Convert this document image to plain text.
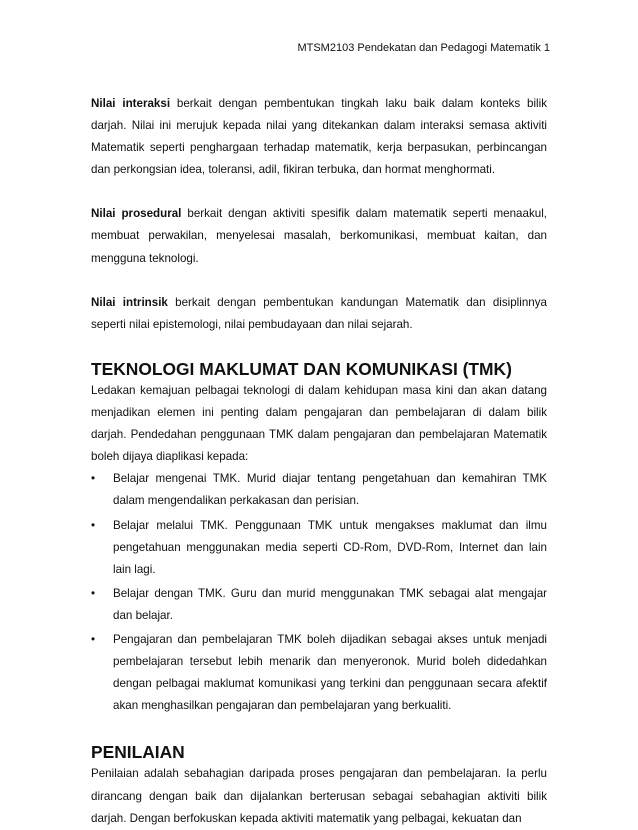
MTSM2103 Pendekatan dan Pedagogi Matematik 1

Nilai interaksi berkait dengan pembentukan tingkah laku baik dalam konteks bilik darjah. Nilai ini merujuk kepada nilai yang ditekankan dalam interaksi semasa aktiviti Matematik seperti penghargaan terhadap matematik, kerja berpasukan, perbincangan dan perkongsian idea, toleransi, adil, fikiran terbuka, dan hormat menghormati.

Nilai prosedural berkait dengan aktiviti spesifik dalam matematik seperti menaakul, membuat perwakilan, menyelesai masalah, berkomunikasi, membuat kaitan, dan mengguna teknologi.

Nilai intrinsik berkait dengan pembentukan kandungan Matematik dan disiplinnya seperti nilai epistemologi, nilai pembudayaan dan nilai sejarah.

TEKNOLOGI MAKLUMAT DAN KOMUNIKASI (TMK)

Ledakan kemajuan pelbagai teknologi di dalam kehidupan masa kini dan akan datang menjadikan elemen ini penting dalam pengajaran dan pembelajaran di dalam bilik darjah. Pendedahan penggunaan TMK dalam pengajaran dan pembelajaran Matematik boleh dijaya diaplikasi kepada:

•	Belajar mengenai TMK. Murid diajar tentang pengetahuan dan kemahiran TMK dalam mengendalikan perkakasan dan perisian.
•	Belajar melalui TMK. Penggunaan TMK untuk mengakses maklumat dan ilmu pengetahuan menggunakan media seperti CD-Rom, DVD-Rom, Internet dan lain lain lagi.
•	Belajar dengan TMK. Guru dan murid menggunakan TMK sebagai alat mengajar dan belajar.
•	Pengajaran dan pembelajaran TMK boleh dijadikan sebagai akses untuk menjadi pembelajaran tersebut lebih menarik dan menyeronok. Murid boleh didedahkan dengan pelbagai maklumat komunikasi yang terkini dan penggunaan secara afektif akan menghasilkan pengajaran dan pembelajaran yang berkualiti.
PENILAIAN

Penilaian adalah sebahagian daripada proses pengajaran dan pembelajaran. Ia perlu dirancang dengan baik dan dijalankan berterusan sebagai sebahagian aktiviti bilik darjah. Dengan berfokuskan kepada aktiviti matematik yang pelbagai, kekuatan dan
